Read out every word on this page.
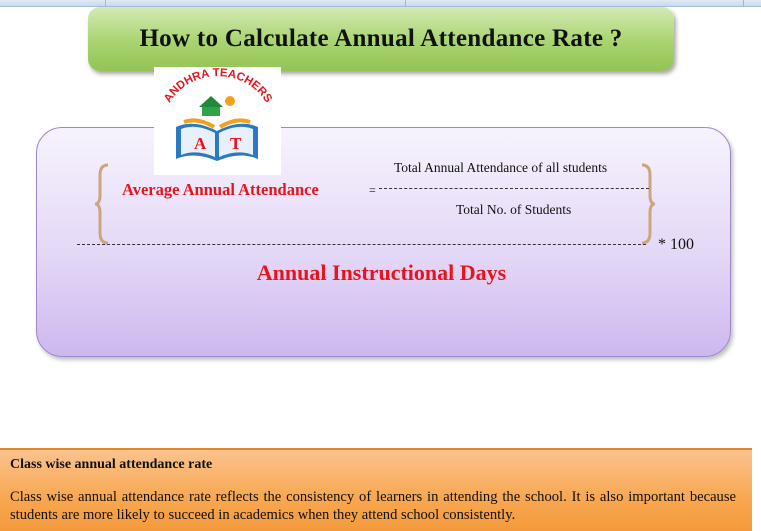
How to Calculate Annual Attendance Rate ?
ANDHRA TEACHERS
A T
Total Annual Attendance of all students
Average Annual Attendance	=
Total No. of Students
* 100
Annual Instructional Days
Class wise annual attendance rate
Class wise annual attendance rate reflects the consistency of learners in attending the school. It is also important because students are more likely to succeed in academics when they attend school consistently.
